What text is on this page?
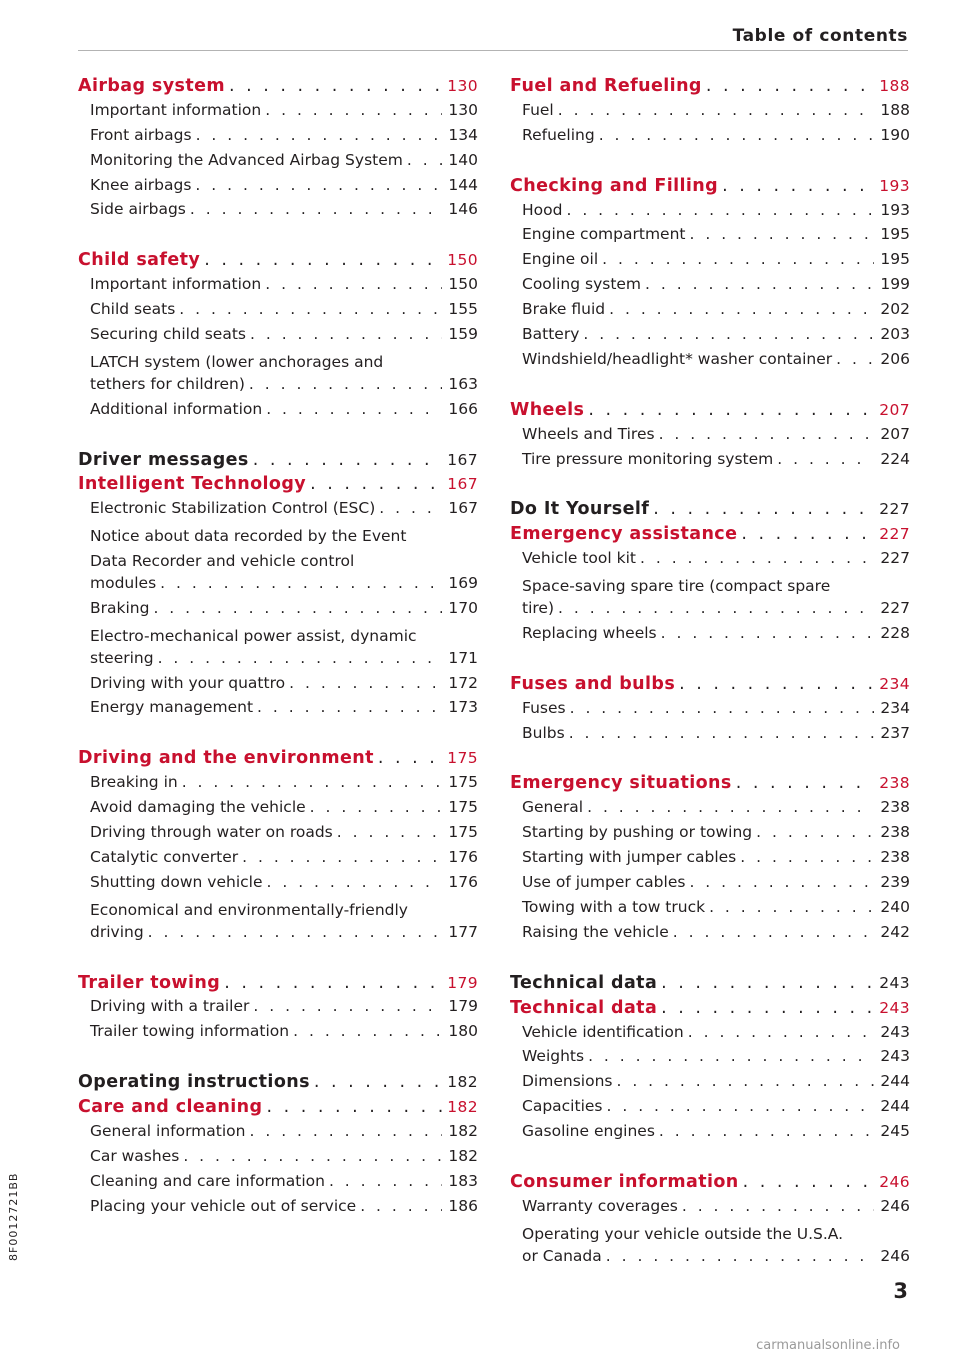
Table of contents
Airbag system . . .	130
Important information . . .	130
Front airbags . . .	134
Monitoring the Advanced Airbag System . . .	140
Knee airbags . . .	144
Side airbags . . .	146
Child safety . . .	150
Important information . . .	150
Child seats . . .	155
Securing child seats . . .	159
LATCH system (lower anchorages and
tethers for children) . . .	163
Additional information . . .	166
Driver messages . . .	167
Intelligent Technology . . .	167
Electronic Stabilization Control (ESC) . . .	167
Notice about data recorded by the Event
Data Recorder and vehicle control
modules . . .	169
Braking . . .	170
Electro-mechanical power assist, dynamic
steering . . .	171
Driving with your quattro . . .	172
Energy management . . .	173
Driving and the environment . . .	175
Breaking in . . .	175
Avoid damaging the vehicle . . .	175
Driving through water on roads . . .	175
Catalytic converter . . .	176
Shutting down vehicle . . .	176
Economical and environmentally-friendly
driving . . .	177
Trailer towing . . .	179
Driving with a trailer . . .	179
Trailer towing information . . .	180
Operating instructions . . .	182
Care and cleaning . . .	182
General information . . .	182
Car washes . . .	182
Cleaning and care information . . .	183
Placing your vehicle out of service . . .	186
Fuel and Refueling . . .	188
Fuel . . .	188
Refueling . . .	190
Checking and Filling . . .	193
Hood . . .	193
Engine compartment . . .	195
Engine oil . . .	195
Cooling system . . .	199
Brake fluid . . .	202
Battery . . .	203
Windshield/headlight* washer container . . .	206
Wheels . . .	207
Wheels and Tires . . .	207
Tire pressure monitoring system . . .	224
Do It Yourself . . .	227
Emergency assistance . . .	227
Vehicle tool kit . . .	227
Space-saving spare tire (compact spare
tire) . . .	227
Replacing wheels . . .	228
Fuses and bulbs . . .	234
Fuses . . .	234
Bulbs . . .	237
Emergency situations . . .	238
General . . .	238
Starting by pushing or towing . . .	238
Starting with jumper cables . . .	238
Use of jumper cables . . .	239
Towing with a tow truck . . .	240
Raising the vehicle . . .	242
Technical data . . .	243
Technical data . . .	243
Vehicle identification . . .	243
Weights . . .	243
Dimensions . . .	244
Capacities . . .	244
Gasoline engines . . .	245
Consumer information . . .	246
Warranty coverages . . .	246
Operating your vehicle outside the U.S.A.
or Canada . . .	246
8F0012721BB
3
carmanualsonline.info
